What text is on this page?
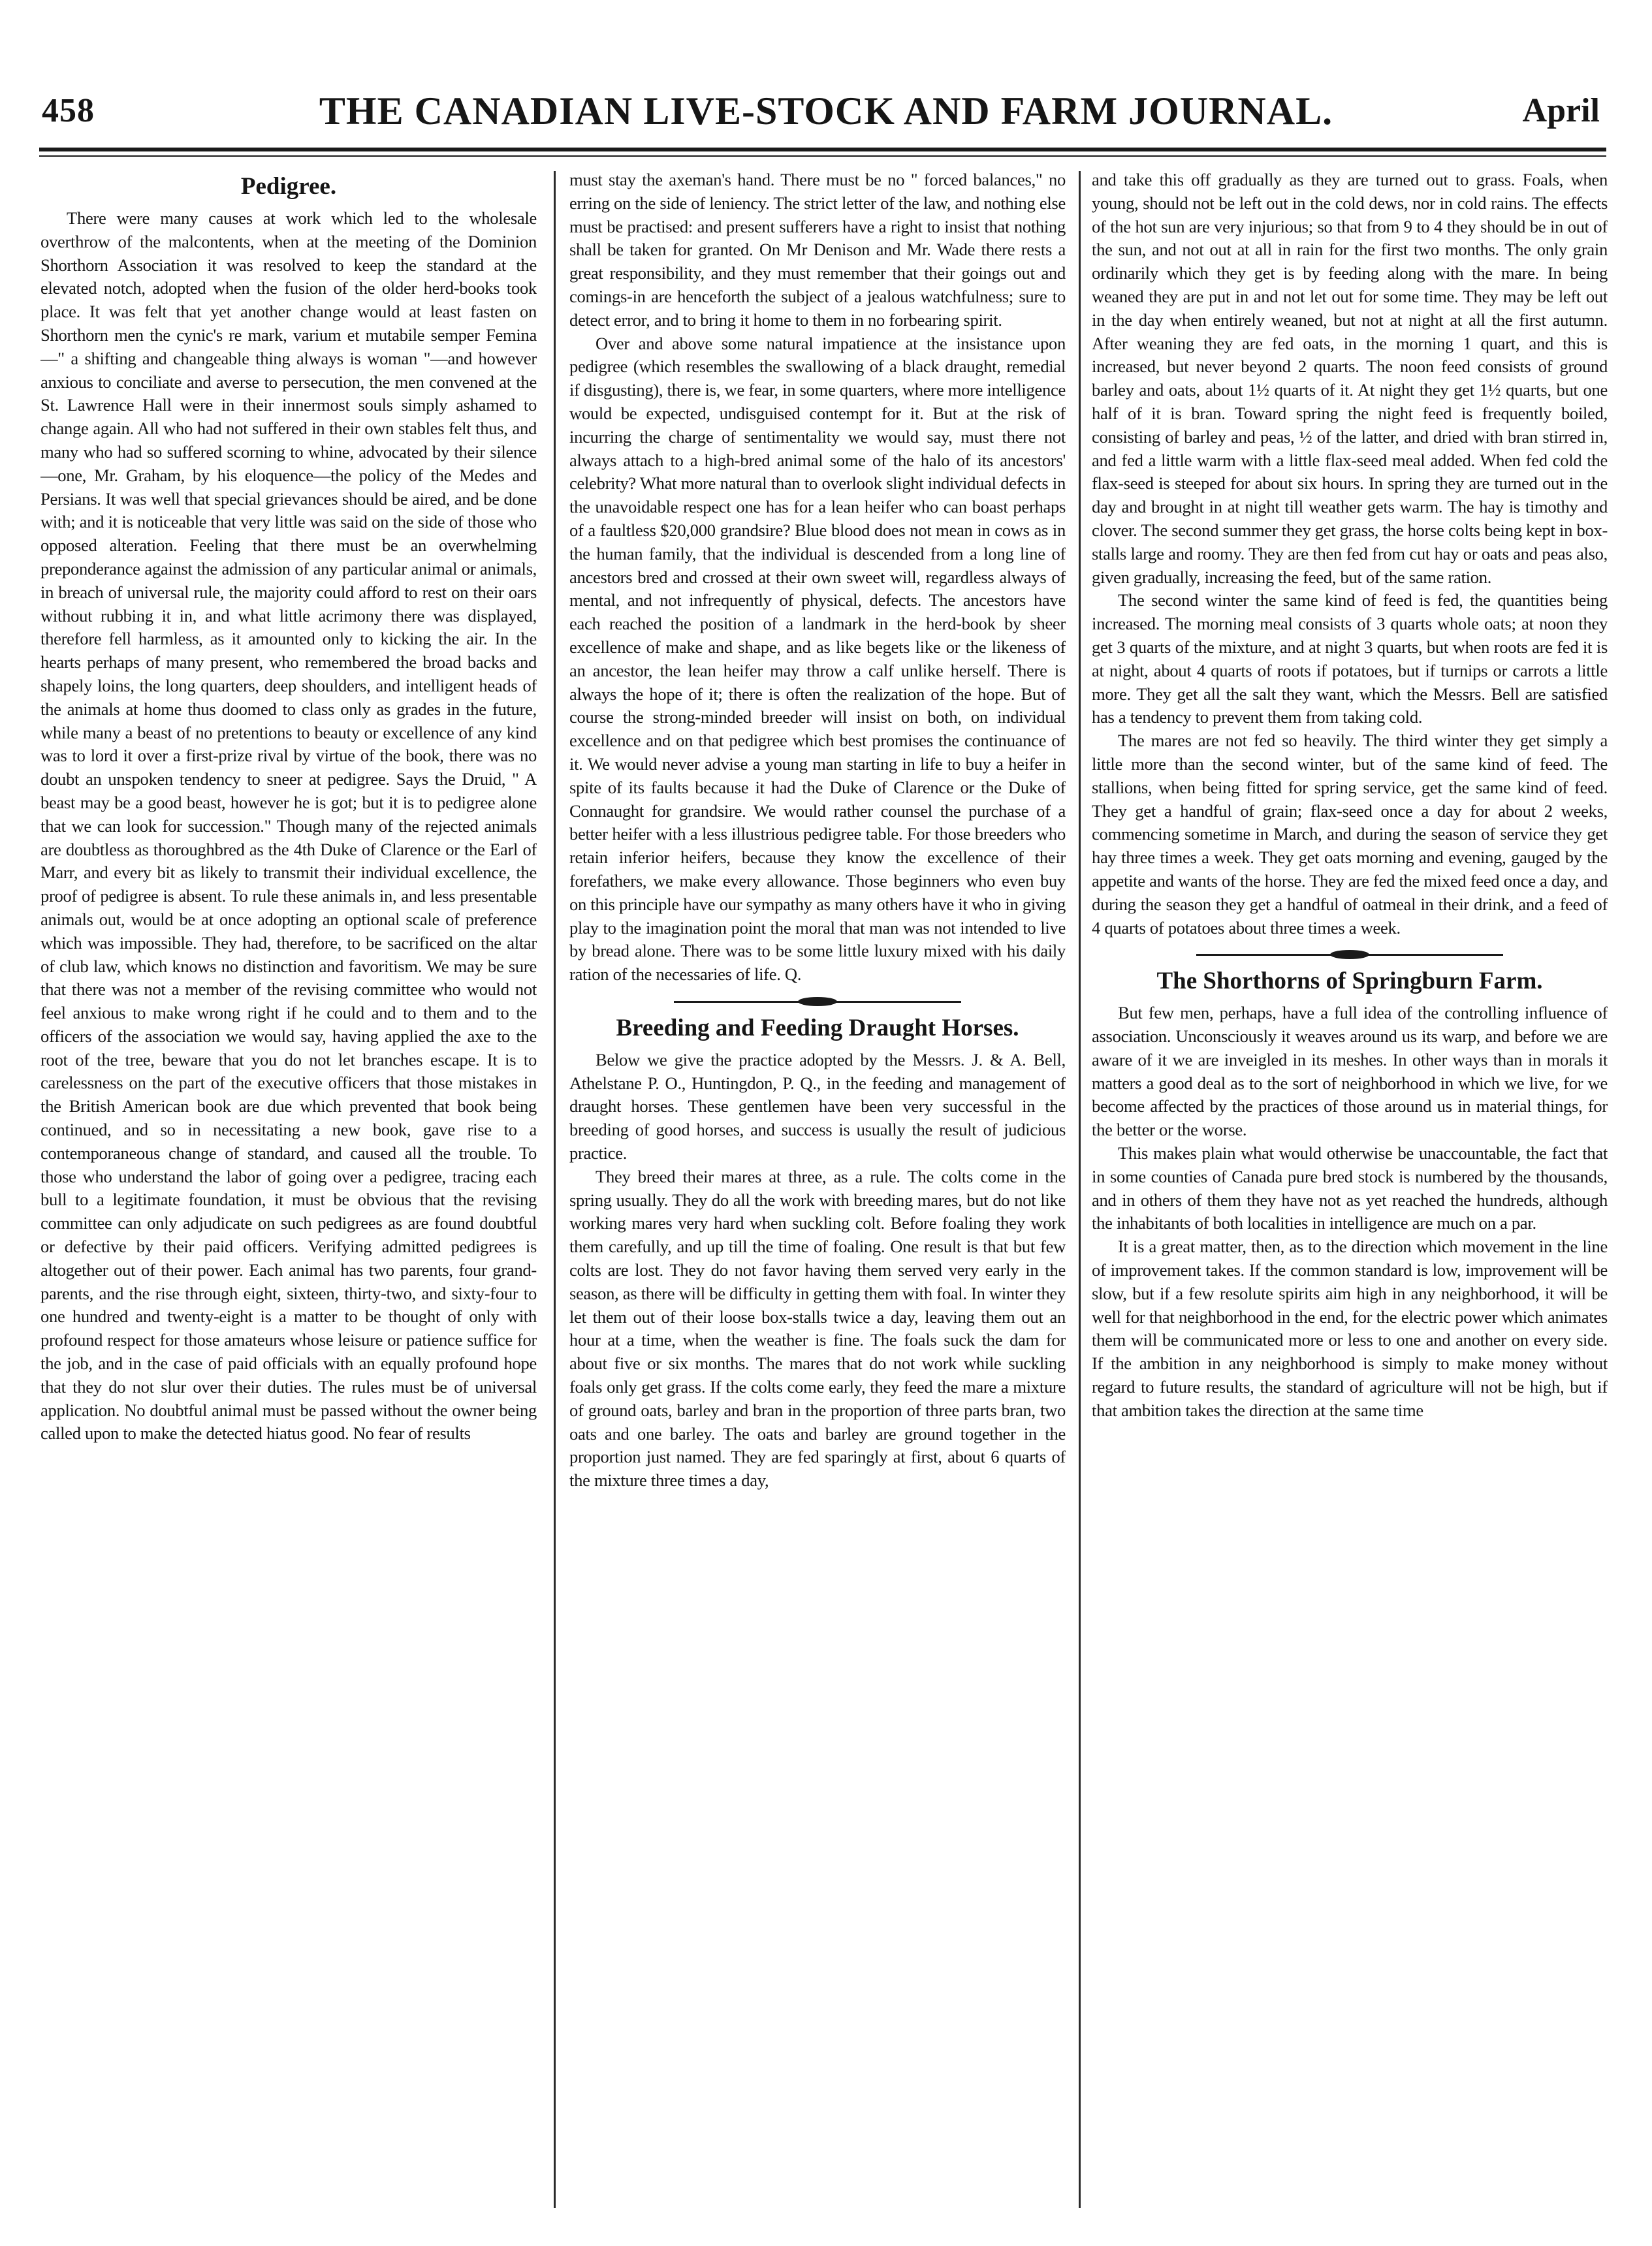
458	THE CANADIAN LIVE-STOCK AND FARM JOURNAL.	April
Pedigree.

There were many causes at work which led to the wholesale overthrow of the malcontents, when at the meeting of the Dominion Shorthorn Association it was resolved to keep the standard at the elevated notch, adopted when the fusion of the older herd-books took place. It was felt that yet another change would at least fasten on Shorthorn men the cynic's re mark, varium et mutabile semper Femina—" a shifting and changeable thing always is woman "—and however anxious to conciliate and averse to persecution, the men convened at the St. Lawrence Hall were in their innermost souls simply ashamed to change again. All who had not suffered in their own stables felt thus, and many who had so suffered scorning to whine, advocated by their silence—one, Mr. Graham, by his eloquence—the policy of the Medes and Persians. It was well that special grievances should be aired, and be done with; and it is noticeable that very little was said on the side of those who opposed alteration. Feeling that there must be an overwhelming preponderance against the admission of any particular animal or animals, in breach of universal rule, the majority could afford to rest on their oars without rubbing it in, and what little acrimony there was displayed, therefore fell harmless, as it amounted only to kicking the air. In the hearts perhaps of many present, who remembered the broad backs and shapely loins, the long quarters, deep shoulders, and intelligent heads of the animals at home thus doomed to class only as grades in the future, while many a beast of no pretentions to beauty or excellence of any kind was to lord it over a first-prize rival by virtue of the book, there was no doubt an unspoken tendency to sneer at pedigree. Says the Druid, " A beast may be a good beast, however he is got; but it is to pedigree alone that we can look for succession." Though many of the rejected animals are doubtless as thoroughbred as the 4th Duke of Clarence or the Earl of Marr, and every bit as likely to transmit their individual excellence, the proof of pedigree is absent. To rule these animals in, and less presentable animals out, would be at once adopting an optional scale of preference which was impossible. They had, therefore, to be sacrificed on the altar of club law, which knows no distinction and favoritism. We may be sure that there was not a member of the revising committee who would not feel anxious to make wrong right if he could and to them and to the officers of the association we would say, having applied the axe to the root of the tree, beware that you do not let branches escape. It is to carelessness on the part of the executive officers that those mistakes in the British American book are due which prevented that book being continued, and so in necessitating a new book, gave rise to a contemporaneous change of standard, and caused all the trouble. To those who understand the labor of going over a pedigree, tracing each bull to a legitimate foundation, it must be obvious that the revising committee can only adjudicate on such pedigrees as are found doubtful or defective by their paid officers. Verifying admitted pedigrees is altogether out of their power. Each animal has two parents, four grand-parents, and the rise through eight, sixteen, thirty-two, and sixty-four to one hundred and twenty-eight is a matter to be thought of only with profound respect for those amateurs whose leisure or patience suffice for the job, and in the case of paid officials with an equally profound hope that they do not slur over their duties. The rules must be of universal application. No doubtful animal must be passed without the owner being called upon to make the detected hiatus good. No fear of results

must stay the axeman's hand. There must be no " forced balances," no erring on the side of leniency. The strict letter of the law, and nothing else must be practised: and present sufferers have a right to insist that nothing shall be taken for granted. On Mr Denison and Mr. Wade there rests a great responsibility, and they must remember that their goings out and comings-in are henceforth the subject of a jealous watchfulness; sure to detect error, and to bring it home to them in no forbearing spirit.

Over and above some natural impatience at the insistance upon pedigree (which resembles the swallowing of a black draught, remedial if disgusting), there is, we fear, in some quarters, where more intelligence would be expected, undisguised contempt for it. But at the risk of incurring the charge of sentimentality we would say, must there not always attach to a high-bred animal some of the halo of its ancestors' celebrity? What more natural than to overlook slight individual defects in the unavoidable respect one has for a lean heifer who can boast perhaps of a faultless $20,000 grandsire? Blue blood does not mean in cows as in the human family, that the individual is descended from a long line of ancestors bred and crossed at their own sweet will, regardless always of mental, and not infrequently of physical, defects. The ancestors have each reached the position of a landmark in the herd-book by sheer excellence of make and shape, and as like begets like or the likeness of an ancestor, the lean heifer may throw a calf unlike herself. There is always the hope of it; there is often the realization of the hope. But of course the strong-minded breeder will insist on both, on individual excellence and on that pedigree which best promises the continuance of it. We would never advise a young man starting in life to buy a heifer in spite of its faults because it had the Duke of Clarence or the Duke of Connaught for grandsire. We would rather counsel the purchase of a better heifer with a less illustrious pedigree table. For those breeders who retain inferior heifers, because they know the excellence of their forefathers, we make every allowance. Those beginners who even buy on this principle have our sympathy as many others have it who in giving play to the imagination point the moral that man was not intended to live by bread alone. There was to be some little luxury mixed with his daily ration of the necessaries of life. Q.

Breeding and Feeding Draught Horses.

Below we give the practice adopted by the Messrs. J. & A. Bell, Athelstane P. O., Huntingdon, P. Q., in the feeding and management of draught horses. These gentlemen have been very successful in the breeding of good horses, and success is usually the result of judicious practice.

They breed their mares at three, as a rule. The colts come in the spring usually. They do all the work with breeding mares, but do not like working mares very hard when suckling colt. Before foaling they work them carefully, and up till the time of foaling. One result is that but few colts are lost. They do not favor having them served very early in the season, as there will be difficulty in getting them with foal. In winter they let them out of their loose box-stalls twice a day, leaving them out an hour at a time, when the weather is fine. The foals suck the dam for about five or six months. The mares that do not work while suckling foals only get grass. If the colts come early, they feed the mare a mixture of ground oats, barley and bran in the proportion of three parts bran, two oats and one barley. The oats and barley are ground together in the proportion just named. They are fed sparingly at first, about 6 quarts of the mixture three times a day,

and take this off gradually as they are turned out to grass. Foals, when young, should not be left out in the cold dews, nor in cold rains. The effects of the hot sun are very injurious; so that from 9 to 4 they should be in out of the sun, and not out at all in rain for the first two months. The only grain ordinarily which they get is by feeding along with the mare. In being weaned they are put in and not let out for some time. They may be left out in the day when entirely weaned, but not at night at all the first autumn. After weaning they are fed oats, in the morning 1 quart, and this is increased, but never beyond 2 quarts. The noon feed consists of ground barley and oats, about 1½ quarts of it. At night they get 1½ quarts, but one half of it is bran. Toward spring the night feed is frequently boiled, consisting of barley and peas, ½ of the latter, and dried with bran stirred in, and fed a little warm with a little flax-seed meal added. When fed cold the flax-seed is steeped for about six hours. In spring they are turned out in the day and brought in at night till weather gets warm. The hay is timothy and clover. The second summer they get grass, the horse colts being kept in box-stalls large and roomy. They are then fed from cut hay or oats and peas also, given gradually, increasing the feed, but of the same ration.

The second winter the same kind of feed is fed, the quantities being increased. The morning meal consists of 3 quarts whole oats; at noon they get 3 quarts of the mixture, and at night 3 quarts, but when roots are fed it is at night, about 4 quarts of roots if potatoes, but if turnips or carrots a little more. They get all the salt they want, which the Messrs. Bell are satisfied has a tendency to prevent them from taking cold.

The mares are not fed so heavily. The third winter they get simply a little more than the second winter, but of the same kind of feed. The stallions, when being fitted for spring service, get the same kind of feed. They get a handful of grain; flax-seed once a day for about 2 weeks, commencing sometime in March, and during the season of service they get hay three times a week. They get oats morning and evening, gauged by the appetite and wants of the horse. They are fed the mixed feed once a day, and during the season they get a handful of oatmeal in their drink, and a feed of 4 quarts of potatoes about three times a week.

The Shorthorns of Springburn Farm.

But few men, perhaps, have a full idea of the controlling influence of association. Unconsciously it weaves around us its warp, and before we are aware of it we are inveigled in its meshes. In other ways than in morals it matters a good deal as to the sort of neighborhood in which we live, for we become affected by the practices of those around us in material things, for the better or the worse.

This makes plain what would otherwise be unaccountable, the fact that in some counties of Canada pure bred stock is numbered by the thousands, and in others of them they have not as yet reached the hundreds, although the inhabitants of both localities in intelligence are much on a par.

It is a great matter, then, as to the direction which movement in the line of improvement takes. If the common standard is low, improvement will be slow, but if a few resolute spirits aim high in any neighborhood, it will be well for that neighborhood in the end, for the electric power which animates them will be communicated more or less to one and another on every side. If the ambition in any neighborhood is simply to make money without regard to future results, the standard of agriculture will not be high, but if that ambition takes the direction at the same time
